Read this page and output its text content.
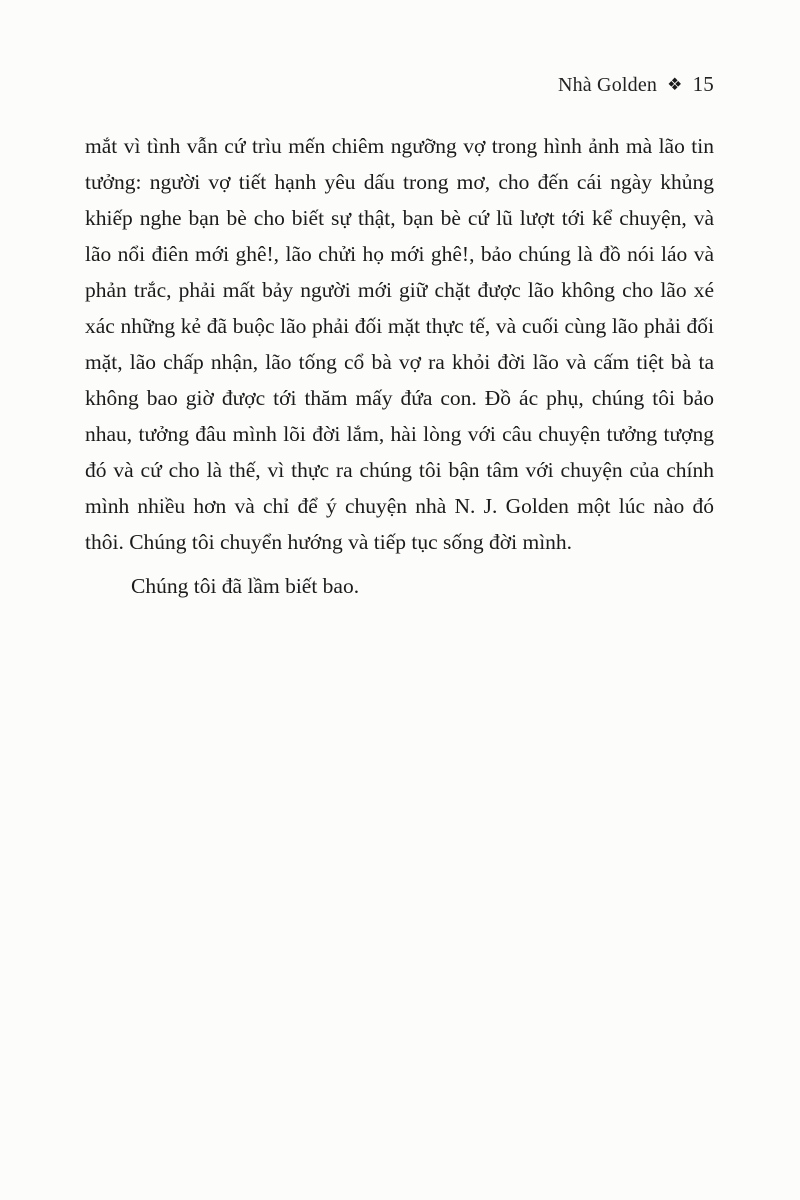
Nhà Golden ❖ 15

mắt vì tình vẫn cứ trìu mến chiêm ngưỡng vợ trong hình ảnh mà lão tin tưởng: người vợ tiết hạnh yêu dấu trong mơ, cho đến cái ngày khủng khiếp nghe bạn bè cho biết sự thật, bạn bè cứ lũ lượt tới kể chuyện, và lão nổi điên mới ghê!, lão chửi họ mới ghê!, bảo chúng là đồ nói láo và phản trắc, phải mất bảy người mới giữ chặt được lão không cho lão xé xác những kẻ đã buộc lão phải đối mặt thực tế, và cuối cùng lão phải đối mặt, lão chấp nhận, lão tống cổ bà vợ ra khỏi đời lão và cấm tiệt bà ta không bao giờ được tới thăm mấy đứa con. Đồ ác phụ, chúng tôi bảo nhau, tưởng đâu mình lõi đời lắm, hài lòng với câu chuyện tưởng tượng đó và cứ cho là thế, vì thực ra chúng tôi bận tâm với chuyện của chính mình nhiều hơn và chỉ để ý chuyện nhà N. J. Golden một lúc nào đó thôi. Chúng tôi chuyển hướng và tiếp tục sống đời mình.

Chúng tôi đã lầm biết bao.
